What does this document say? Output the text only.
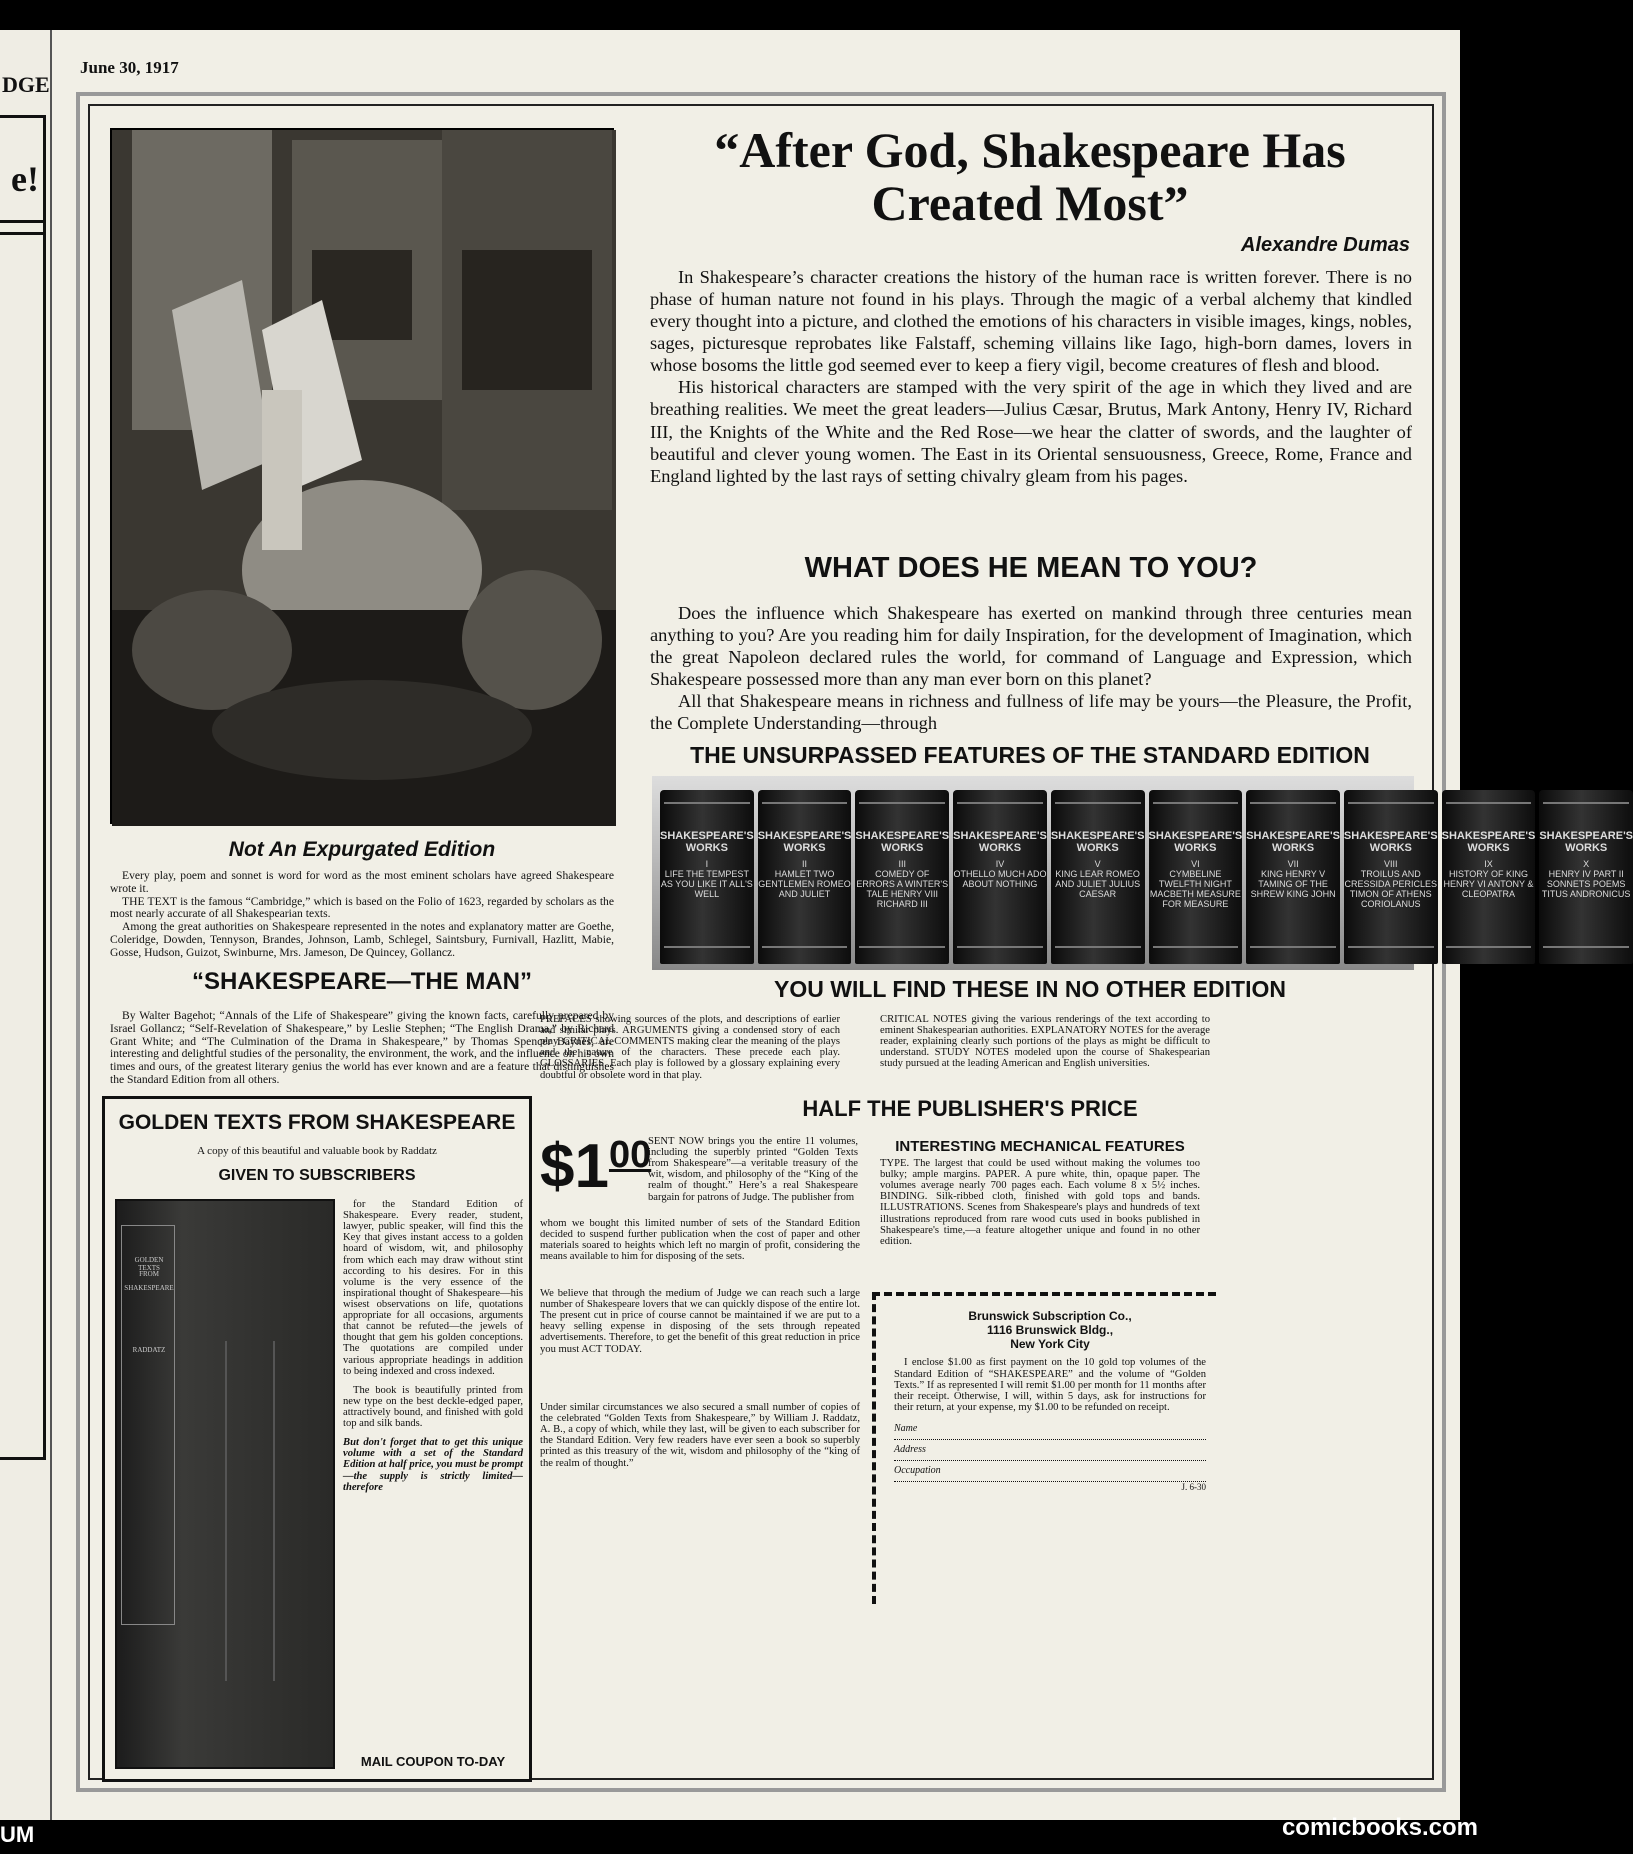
DGE
e!
UM
June 30, 1917
“After God, Shakespeare Has Created Most”
Alexandre Dumas

In Shakespeare’s character creations the history of the human race is written forever. There is no phase of human nature not found in his plays. Through the magic of a verbal alchemy that kindled every thought into a picture, and clothed the emotions of his characters in visible images, kings, nobles, sages, picturesque reprobates like Falstaff, scheming villains like Iago, high-born dames, lovers in whose bosoms the little god seemed ever to keep a fiery vigil, become creatures of flesh and blood.

His historical characters are stamped with the very spirit of the age in which they lived and are breathing realities. We meet the great leaders—Julius Cæsar, Brutus, Mark Antony, Henry IV, Richard III, the Knights of the White and the Red Rose—we hear the clatter of swords, and the laughter of beautiful and clever young women. The East in its Oriental sensuousness, Greece, Rome, France and England lighted by the last rays of setting chivalry gleam from his pages.

WHAT DOES HE MEAN TO YOU?

Does the influence which Shakespeare has exerted on mankind through three centuries mean anything to you? Are you reading him for daily Inspiration, for the development of Imagination, which the great Napoleon declared rules the world, for command of Language and Expression, which Shakespeare possessed more than any man ever born on this planet?

All that Shakespeare means in richness and fullness of life may be yours—the Pleasure, the Profit, the Complete Understanding—through

THE UNSURPASSED FEATURES OF THE STANDARD EDITION
SHAKESPEARE'S WORKS
I
LIFE THE TEMPEST AS YOU LIKE IT ALL'S WELL
SHAKESPEARE'S WORKS
II
HAMLET TWO GENTLEMEN ROMEO AND JULIET
SHAKESPEARE'S WORKS
III
COMEDY OF ERRORS A WINTER'S TALE HENRY VIII RICHARD III
SHAKESPEARE'S WORKS
IV
OTHELLO MUCH ADO ABOUT NOTHING
SHAKESPEARE'S WORKS
V
KING LEAR ROMEO AND JULIET JULIUS CAESAR
SHAKESPEARE'S WORKS
VI
CYMBELINE TWELFTH NIGHT MACBETH MEASURE FOR MEASURE
SHAKESPEARE'S WORKS
VII
KING HENRY V TAMING OF THE SHREW KING JOHN
SHAKESPEARE'S WORKS
VIII
TROILUS AND CRESSIDA PERICLES TIMON OF ATHENS CORIOLANUS
SHAKESPEARE'S WORKS
IX
HISTORY OF KING HENRY VI ANTONY & CLEOPATRA
SHAKESPEARE'S WORKS
X
HENRY IV PART II SONNETS POEMS TITUS ANDRONICUS
YOU WILL FIND THESE IN NO OTHER EDITION
Not An Expurgated Edition

Every play, poem and sonnet is word for word as the most eminent scholars have agreed Shakespeare wrote it.

THE TEXT is the famous “Cambridge,” which is based on the Folio of 1623, regarded by scholars as the most nearly accurate of all Shakespearian texts.

Among the great authorities on Shakespeare represented in the notes and explanatory matter are Goethe, Coleridge, Dowden, Tennyson, Brandes, Johnson, Lamb, Schlegel, Saintsbury, Furnivall, Hazlitt, Mabie, Gosse, Hudson, Guizot, Swinburne, Mrs. Jameson, De Quincey, Gollancz.

“SHAKESPEARE—THE MAN”

By Walter Bagehot; “Annals of the Life of Shakespeare” giving the known facts, carefully prepared by Israel Gollancz; “Self-Revelation of Shakespeare,” by Leslie Stephen; “The English Drama,” by Richard Grant White; and “The Culmination of the Drama in Shakespeare,” by Thomas Spencer Baynes, are interesting and delightful studies of the personality, the environment, the work, and the influence on his own times and ours, of the greatest literary genius the world has ever known and are a feature that distinguishes the Standard Edition from all others.

GOLDEN TEXTS FROM SHAKESPEARE
A copy of this beautiful and valuable book by Raddatz
GIVEN TO SUBSCRIBERS
GOLDEN TEXTS
FROM
SHAKESPEARE
RADDATZ

for the Standard Edition of Shakespeare. Every reader, student, lawyer, public speaker, will find this the Key that gives instant access to a golden hoard of wisdom, wit, and philosophy from which each may draw without stint according to his desires. For in this volume is the very essence of the inspirational thought of Shakespeare—his wisest observations on life, quotations appropriate for all occasions, arguments that cannot be refuted—the jewels of thought that gem his golden conceptions. The quotations are compiled under various appropriate headings in addition to being indexed and cross indexed.

The book is beautifully printed from new type on the best deckle-edged paper, attractively bound, and finished with gold top and silk bands.

But don't forget that to get this unique volume with a set of the Standard Edition at half price, you must be prompt—the supply is strictly limited—therefore

MAIL COUPON TO-DAY
PREFACES showing sources of the plots, and descriptions of earlier and similar plays. ARGUMENTS giving a condensed story of each play. CRITICAL COMMENTS making clear the meaning of the plays and the nature of the characters. These precede each play. GLOSSARIES. Each play is followed by a glossary explaining every doubtful or obsolete word in that play.
CRITICAL NOTES giving the various renderings of the text according to eminent Shakespearian authorities. EXPLANATORY NOTES for the average reader, explaining clearly such portions of the plays as might be difficult to understand. STUDY NOTES modeled upon the course of Shakespearian study pursued at the leading American and English universities.
HALF THE PUBLISHER'S PRICE
$\$1^{00}$
SENT NOW brings you the entire 11 volumes, including the superbly printed “Golden Texts from Shakespeare”—a veritable treasury of the wit, wisdom, and philosophy of the “King of the realm of thought.” Here’s a real Shakespeare bargain for patrons of Judge. The publisher from
whom we bought this limited number of sets of the Standard Edition decided to suspend further publication when the cost of paper and other materials soared to heights which left no margin of profit, considering the means available to him for disposing of the sets.
We believe that through the medium of Judge we can reach such a large number of Shakespeare lovers that we can quickly dispose of the entire lot. The present cut in price of course cannot be maintained if we are put to a heavy selling expense in disposing of the sets through repeated advertisements. Therefore, to get the benefit of this great reduction in price you must ACT TODAY.
Under similar circumstances we also secured a small number of copies of the celebrated “Golden Texts from Shakespeare,” by William J. Raddatz, A. B., a copy of which, while they last, will be given to each subscriber for the Standard Edition. Very few readers have ever seen a book so superbly printed as this treasury of the wit, wisdom and philosophy of the “king of the realm of thought.”
INTERESTING MECHANICAL FEATURES
TYPE. The largest that could be used without making the volumes too bulky; ample margins. PAPER. A pure white, thin, opaque paper. The volumes average nearly 700 pages each. Each volume 8 x 5½ inches. BINDING. Silk-ribbed cloth, finished with gold tops and bands. ILLUSTRATIONS. Scenes from Shakespeare's plays and hundreds of text illustrations reproduced from rare wood cuts used in books published in Shakespeare's time,—a feature altogether unique and found in no other edition.
Brunswick Subscription Co.,
1116 Brunswick Bldg.,
New York City
I enclose $1.00 as first payment on the 10 gold top volumes of the Standard Edition of “SHAKESPEARE” and the volume of “Golden Texts.” If as represented I will remit $1.00 per month for 11 months after their receipt. Otherwise, I will, within 5 days, ask for instructions for their return, at your expense, my $1.00 to be refunded on receipt.
Name
Address
Occupation
J. 6-30
comicbooks.com
